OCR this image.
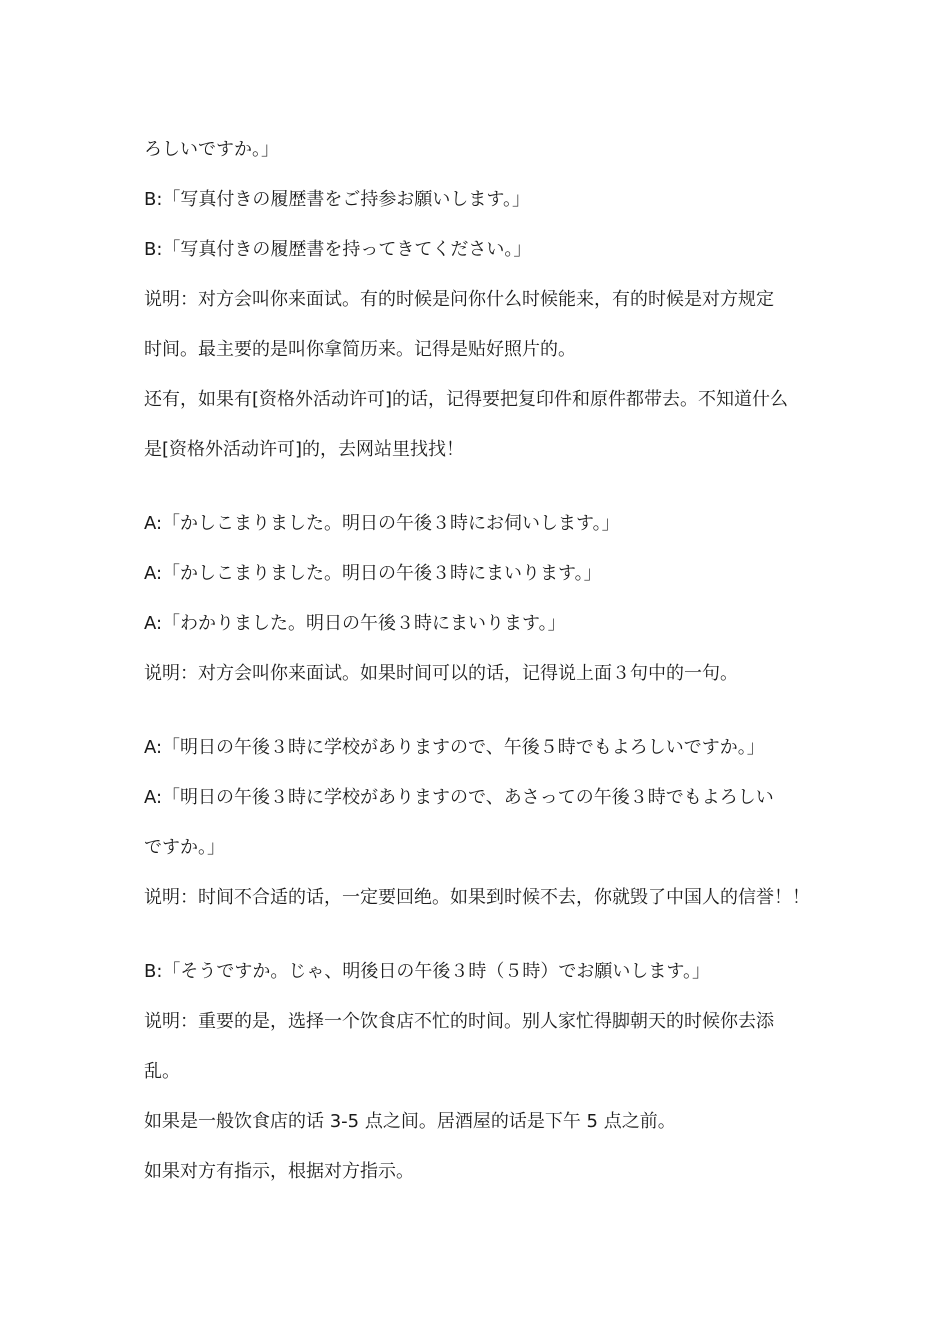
ろしいですか。」
B:「写真付きの履歴書をご持参お願いします。」
B:「写真付きの履歴書を持ってきてください。」
说明：对方会叫你来面试。有的时候是问你什么时候能来，有的时候是对方规定
时间。最主要的是叫你拿简历来。记得是贴好照片的。
还有，如果有[资格外活动许可]的话，记得要把复印件和原件都带去。不知道什么
是[资格外活动许可]的，去网站里找找！
A:「かしこまりました。明日の午後３時にお伺いします。」
A:「かしこまりました。明日の午後３時にまいります。」
A:「わかりました。明日の午後３時にまいります。」
说明：对方会叫你来面试。如果时间可以的话，记得说上面３句中的一句。
A:「明日の午後３時に学校がありますので、午後５時でもよろしいですか。」
A:「明日の午後３時に学校がありますので、あさっての午後３時でもよろしい
ですか。」
说明：时间不合适的话，一定要回绝。如果到时候不去，你就毁了中国人的信誉！！
B:「そうですか。じゃ、明後日の午後３時（５時）でお願いします。」
说明：重要的是，选择一个饮食店不忙的时间。别人家忙得脚朝天的时候你去添
乱。
如果是一般饮食店的话 3-5 点之间。居酒屋的话是下午 5 点之前。
如果对方有指示，根据对方指示。
